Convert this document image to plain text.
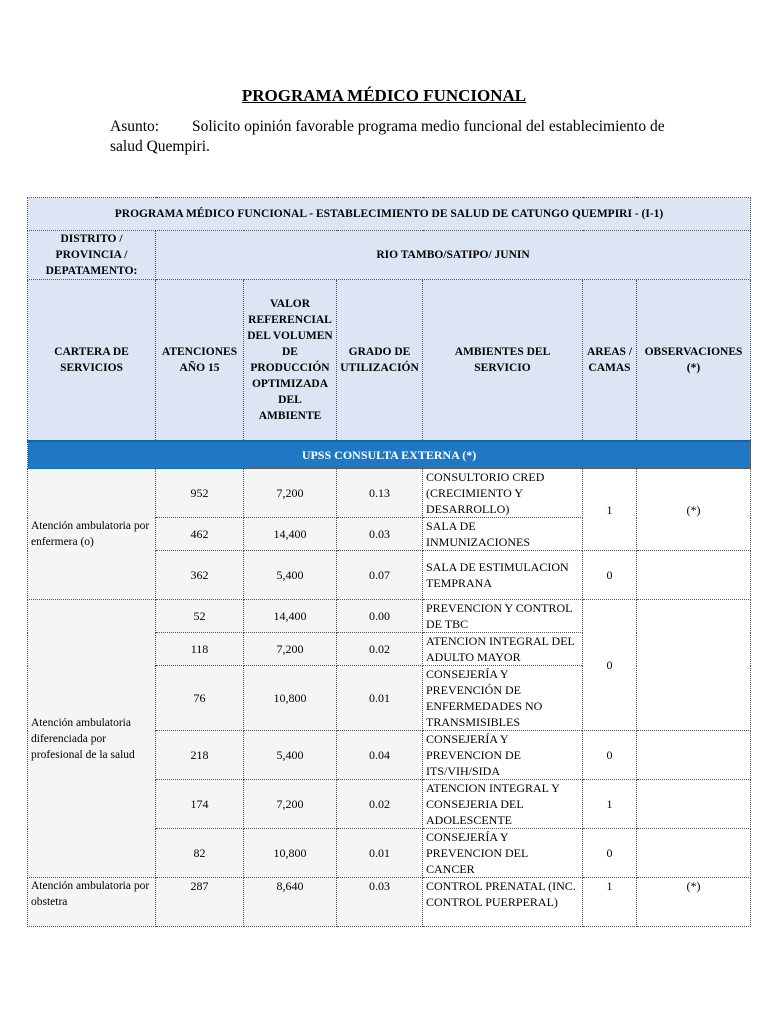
PROGRAMA MÉDICO FUNCIONAL
Asunto: Solicito opinión favorable programa medio funcional del establecimiento de salud Quempiri.
PROGRAMA MÉDICO FUNCIONAL - ESTABLECIMIENTO DE SALUD DE CATUNGO QUEMPIRI - (I-1)						
DISTRITO / PROVINCIA / DEPATAMENTO:	RIO TAMBO/SATIPO/ JUNIN					
CARTERA DE SERVICIOS	ATENCIONES AÑO 15	VALOR REFERENCIAL DEL VOLUMEN DE PRODUCCIÓN OPTIMIZADA DEL AMBIENTE	GRADO DE UTILIZACIÓN	AMBIENTES DEL SERVICIO	AREAS / CAMAS	OBSERVACIONES (*)
UPSS CONSULTA EXTERNA (*)						
Atención ambulatoria por enfermera (o)	952	7,200	0.13	CONSULTORIO CRED (CRECIMIENTO Y DESARROLLO)	1	(*)
	462	14,400	0.03	SALA DE INMUNIZACIONES		
	362	5,400	0.07	SALA DE ESTIMULACION TEMPRANA	0	
Atención ambulatoria diferenciada por profesional de la salud	52	14,400	0.00	PREVENCION Y CONTROL DE TBC	0	
	118	7,200	0.02	ATENCION INTEGRAL DEL ADULTO MAYOR		
	76	10,800	0.01	CONSEJERÍA Y PREVENCIÓN DE ENFERMEDADES NO TRANSMISIBLES		
	218	5,400	0.04	CONSEJERÍA Y PREVENCION DE ITS/VIH/SIDA	0	
	174	7,200	0.02	ATENCION INTEGRAL Y CONSEJERIA DEL ADOLESCENTE	1	
	82	10,800	0.01	CONSEJERÍA Y PREVENCION DEL CANCER	0	
Atención ambulatoria por obstetra	287	8,640	0.03	CONTROL PRENATAL (INC. CONTROL PUERPERAL)	1	(*)
